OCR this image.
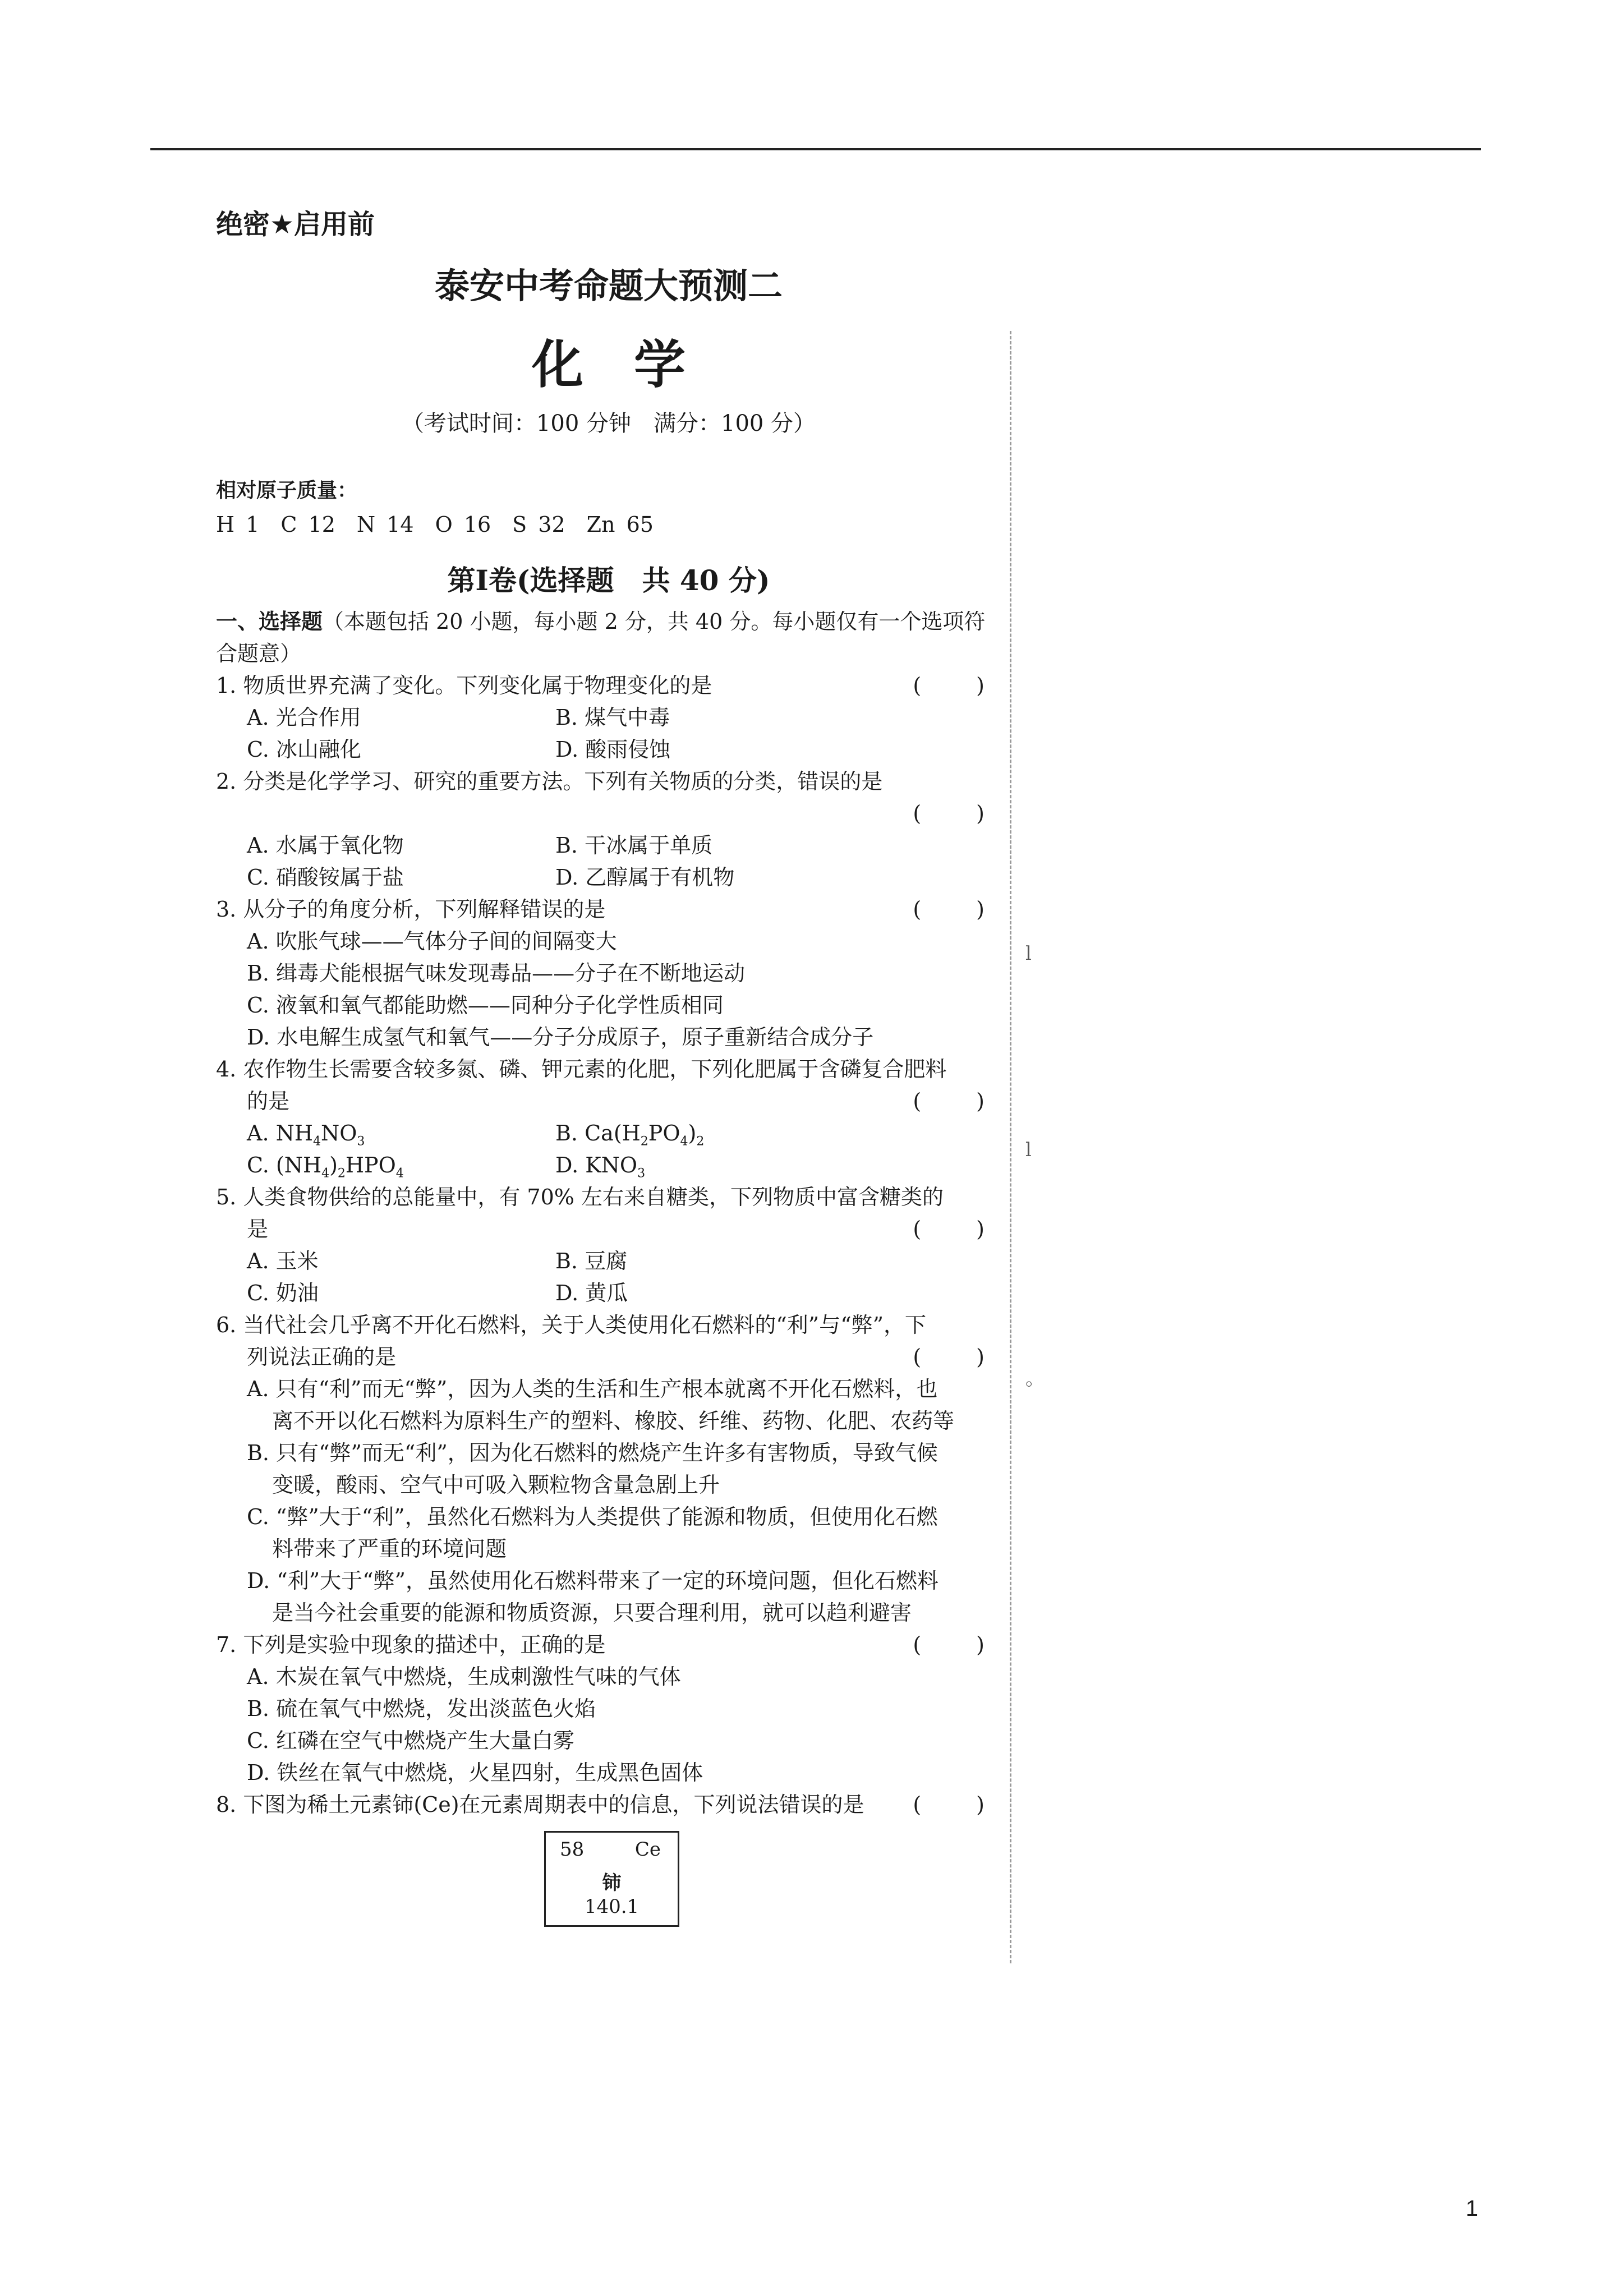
l
l
。
绝密★启用前
泰安中考命题大预测二
化学
（考试时间：100 分钟　满分：100 分）
相对原子质量：
H 1　C 12　N 14　O 16　S 32　Zn 65
第Ⅰ卷(选择题　共 40 分)
一、选择题（本题包括 20 小题，每小题 2 分，共 40 分。每小题仅有一个选项符合题意）
1. 物质世界充满了变化。下列变化属于物理变化的是	(　)
A. 光合作用	B. 煤气中毒
C. 冰山融化	D. 酸雨侵蚀
2. 分类是化学学习、研究的重要方法。下列有关物质的分类，错误的是
(　)
A. 水属于氧化物	B. 干冰属于单质
C. 硝酸铵属于盐	D. 乙醇属于有机物
3. 从分子的角度分析，下列解释错误的是	(　)
A. 吹胀气球——气体分子间的间隔变大
B. 缉毒犬能根据气味发现毒品——分子在不断地运动
C. 液氧和氧气都能助燃——同种分子化学性质相同
D. 水电解生成氢气和氧气——分子分成原子，原子重新结合成分子
4. 农作物生长需要含较多氮、磷、钾元素的化肥，下列化肥属于含磷复合肥料
的是	(　)
A. $NH_4NO_3$	B. $Ca(H_2PO_4)_2$
C. $(NH_4)_2HPO_4$	D. $KNO_3$
5. 人类食物供给的总能量中，有 70% 左右来自糖类，下列物质中富含糖类的
是	(　)
A. 玉米	B. 豆腐
C. 奶油	D. 黄瓜
6. 当代社会几乎离不开化石燃料，关于人类使用化石燃料的“利”与“弊”，下
列说法正确的是	(　)
A. 只有“利”而无“弊”，因为人类的生活和生产根本就离不开化石燃料，也
离不开以化石燃料为原料生产的塑料、橡胶、纤维、药物、化肥、农药等
B. 只有“弊”而无“利”，因为化石燃料的燃烧产生许多有害物质，导致气候
变暖，酸雨、空气中可吸入颗粒物含量急剧上升
C. “弊”大于“利”，虽然化石燃料为人类提供了能源和物质，但使用化石燃
料带来了严重的环境问题
D. “利”大于“弊”，虽然使用化石燃料带来了一定的环境问题，但化石燃料
是当今社会重要的能源和物质资源，只要合理利用，就可以趋利避害
7. 下列是实验中现象的描述中，正确的是	(　)
A. 木炭在氧气中燃烧，生成刺激性气味的气体
B. 硫在氧气中燃烧，发出淡蓝色火焰
C. 红磷在空气中燃烧产生大量白雾
D. 铁丝在氧气中燃烧，火星四射，生成黑色固体
8. 下图为稀土元素铈(Ce)在元素周期表中的信息，下列说法错误的是 (　)
58	Ce
铈
140.1
1
